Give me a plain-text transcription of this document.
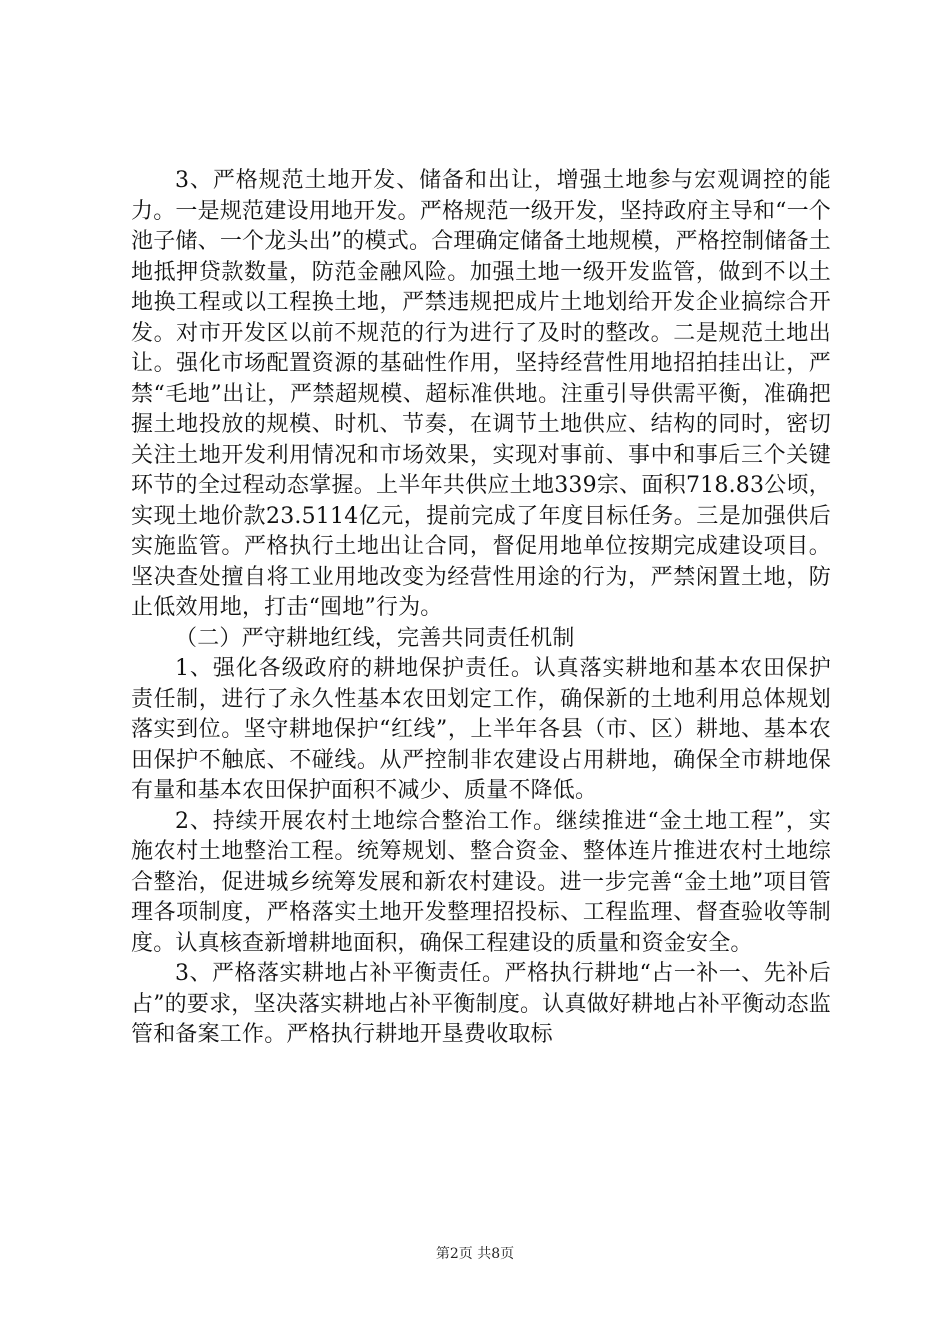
3、严格规范土地开发、储备和出让，增强土地参与宏观调控的能力。一是规范建设用地开发。严格规范一级开发，坚持政府主导和“一个池子储、一个龙头出”的模式。合理确定储备土地规模，严格控制储备土地抵押贷款数量，防范金融风险。加强土地一级开发监管，做到不以土地换工程或以工程换土地，严禁违规把成片土地划给开发企业搞综合开发。对市开发区以前不规范的行为进行了及时的整改。二是规范土地出让。强化市场配置资源的基础性作用，坚持经营性用地招拍挂出让，严禁“毛地”出让，严禁超规模、超标准供地。注重引导供需平衡，准确把握土地投放的规模、时机、节奏，在调节土地供应、结构的同时，密切关注土地开发利用情况和市场效果，实现对事前、事中和事后三个关键环节的全过程动态掌握。上半年共供应土地339宗、面积718.83公顷，实现土地价款23.5114亿元，提前完成了年度目标任务。三是加强供后实施监管。严格执行土地出让合同，督促用地单位按期完成建设项目。坚决查处擅自将工业用地改变为经营性用途的行为，严禁闲置土地，防止低效用地，打击“囤地”行为。

（二）严守耕地红线，完善共同责任机制

1、强化各级政府的耕地保护责任。认真落实耕地和基本农田保护责任制，进行了永久性基本农田划定工作，确保新的土地利用总体规划落实到位。坚守耕地保护“红线”，上半年各县（市、区）耕地、基本农田保护不触底、不碰线。从严控制非农建设占用耕地，确保全市耕地保有量和基本农田保护面积不减少、质量不降低。

2、持续开展农村土地综合整治工作。继续推进“金土地工程”，实施农村土地整治工程。统筹规划、整合资金、整体连片推进农村土地综合整治，促进城乡统筹发展和新农村建设。进一步完善“金土地”项目管理各项制度，严格落实土地开发整理招投标、工程监理、督查验收等制度。认真核查新增耕地面积，确保工程建设的质量和资金安全。

3、严格落实耕地占补平衡责任。严格执行耕地“占一补一、先补后占”的要求，坚决落实耕地占补平衡制度。认真做好耕地占补平衡动态监管和备案工作。严格执行耕地开垦费收取标

第2页 共8页
